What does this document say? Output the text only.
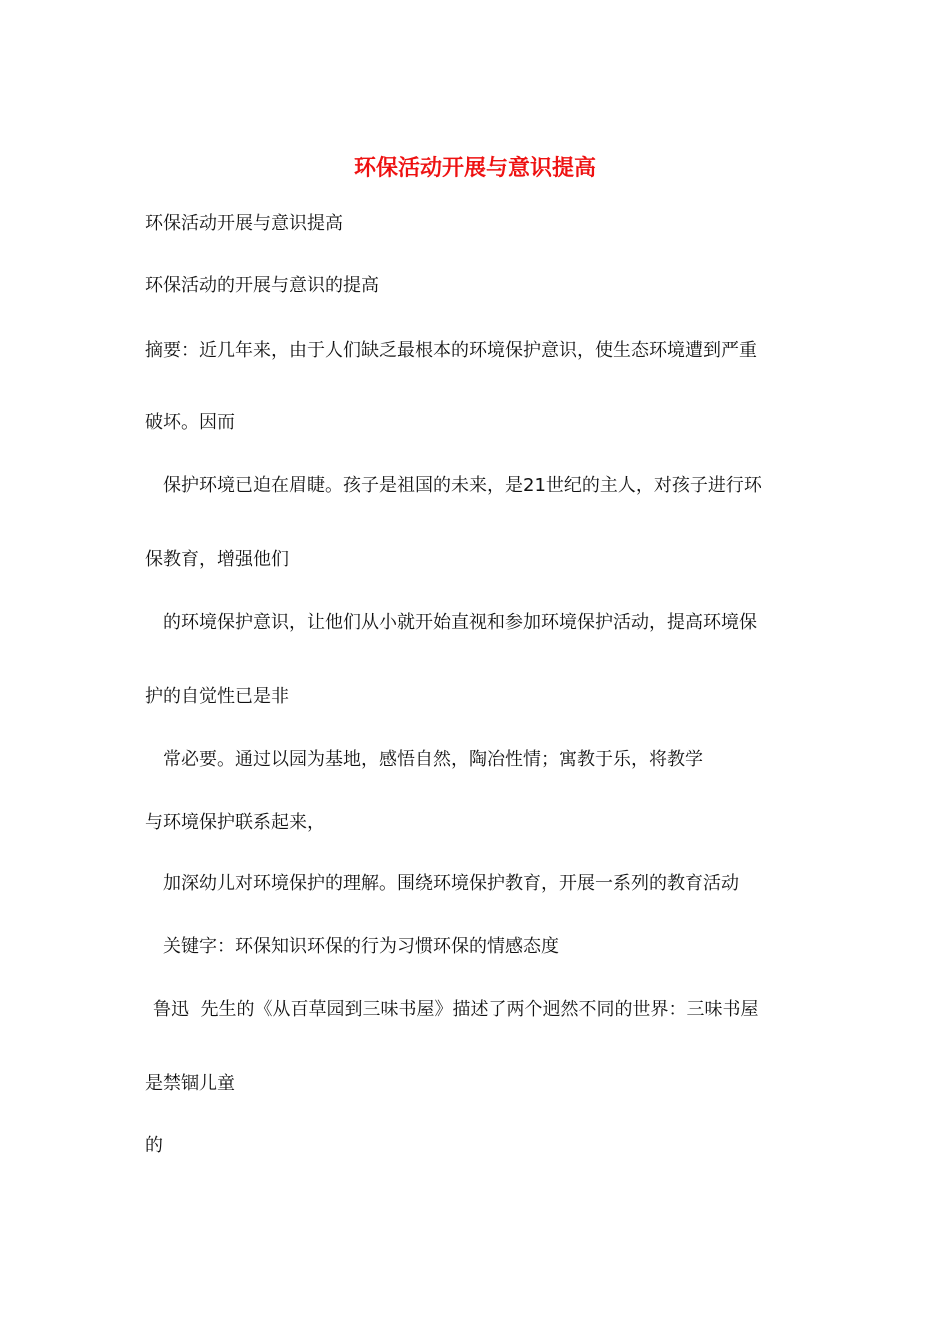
环保活动开展与意识提高
环保活动开展与意识提高
环保活动的开展与意识的提高
摘要：近几年来，由于人们缺乏最根本的环境保护意识，使生态环境遭到严重
破坏。因而
保护环境已迫在眉睫。孩子是祖国的未来，是21世纪的主人，对孩子进行环
保教育，增强他们
的环境保护意识，让他们从小就开始直视和参加环境保护活动，提高环境保
护的自觉性已是非
常必要。通过以园为基地，感悟自然，陶冶性情；寓教于乐，将教学
与环境保护联系起来，
加深幼儿对环境保护的理解。围绕环境保护教育，开展一系列的教育活动
关键字：环保知识环保的行为习惯环保的情感态度
鲁迅  先生的《从百草园到三味书屋》描述了两个迥然不同的世界：三味书屋
是禁锢儿童
的
